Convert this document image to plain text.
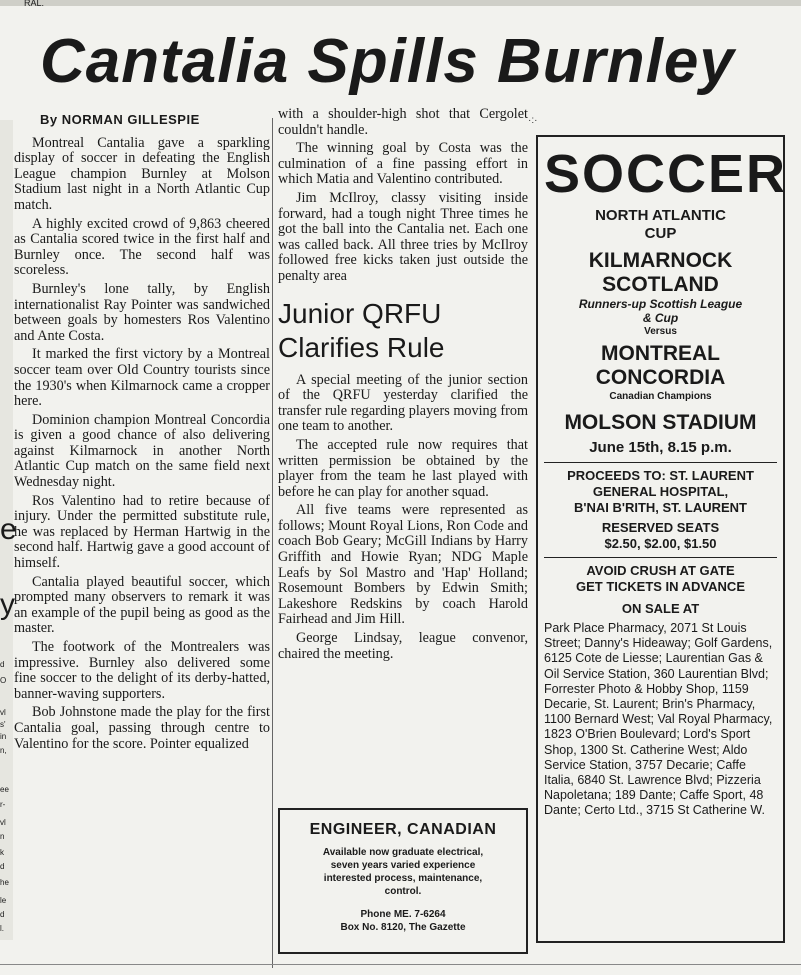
RAL.
Cantalia Spills Burnley
e
y
d
O
vl
s'
in
n,
ee
r-
vl
n
k
d
he
le
d
l.
By NORMAN GILLESPIE

Montreal Cantalia gave a sparkling display of soccer in defeating the English League champion Burnley at Molson Stadium last night in a North Atlantic Cup match.

A highly excited crowd of 9,863 cheered as Cantalia scored twice in the first half and Burnley once. The second half was scoreless.

Burnley's lone tally, by English internationalist Ray Pointer was sandwiched between goals by homesters Ros Valentino and Ante Costa.

It marked the first victory by a Montreal soccer team over Old Country tourists since the 1930's when Kilmarnock came a cropper here.

Dominion champion Montreal Concordia is given a good chance of also delivering against Kilmarnock in another North Atlantic Cup match on the same field next Wednesday night.

Ros Valentino had to retire because of injury. Under the permitted substitute rule, he was replaced by Herman Hartwig in the second half. Hartwig gave a good account of himself.

Cantalia played beautiful soccer, which prompted many observers to remark it was an example of the pupil being as good as the master.

The footwork of the Montrealers was impressive. Burnley also delivered some fine soccer to the delight of its derby-hatted, banner-waving supporters.

Bob Johnstone made the play for the first Cantalia goal, passing through centre to Valentino for the score. Pointer equalized

·:·

with a shoulder-high shot that Cergolet couldn't handle.

The winning goal by Costa was the culmination of a fine passing effort in which Matia and Valentino contributed.

Jim McIlroy, classy visiting inside forward, had a tough night Three times he got the ball into the Cantalia net. Each one was called back. All three tries by McIlroy followed free kicks taken just outside the penalty area

Junior QRFU
Clarifies Rule

A special meeting of the junior section of the QRFU yesterday clarified the transfer rule regarding players moving from one team to another.

The accepted rule now requires that written permission be obtained by the player from the team he last played with before he can play for another squad.

All five teams were represented as follows; Mount Royal Lions, Ron Code and coach Bob Geary; McGill Indians by Harry Griffith and Howie Ryan; NDG Maple Leafs by Sol Mastro and 'Hap' Holland; Rosemount Bombers by Edwin Smith; Lakeshore Redskins by coach Harold Fairhead and Jim Hill.

George Lindsay, league convenor, chaired the meeting.

SOCCER
NORTH ATLANTIC
CUP
KILMARNOCK
SCOTLAND
Runners-up Scottish League
& Cup
Versus
MONTREAL
CONCORDIA
Canadian Champions
MOLSON STADIUM
June 15th, 8.15 p.m.
PROCEEDS TO: ST. LAURENT
GENERAL HOSPITAL,
B'NAI B'RITH, ST. LAURENT
RESERVED SEATS
$2.50, $2.00, $1.50
AVOID CRUSH AT GATE
GET TICKETS IN ADVANCE
ON SALE AT
Park Place Pharmacy, 2071 St Louis Street; Danny's Hideaway; Golf Gardens, 6125 Cote de Liesse; Laurentian Gas & Oil Service Station, 360 Laurentian Blvd; Forrester Photo & Hobby Shop, 1159 Decarie, St. Laurent; Brin's Pharmacy, 1100 Bernard West; Val Royal Pharmacy, 1823 O'Brien Boulevard; Lord's Sport Shop, 1300 St. Catherine West; Aldo Service Station, 3757 Decarie; Caffe Italia, 6840 St. Lawrence Blvd; Pizzeria Napoletana; 189 Dante; Caffe Sport, 48 Dante; Certo Ltd., 3715 St Catherine W.
ENGINEER, CANADIAN
Available now graduate electrical,
seven years varied experience
interested process, maintenance,
control.
Phone ME. 7-6264
Box No. 8120, The Gazette
